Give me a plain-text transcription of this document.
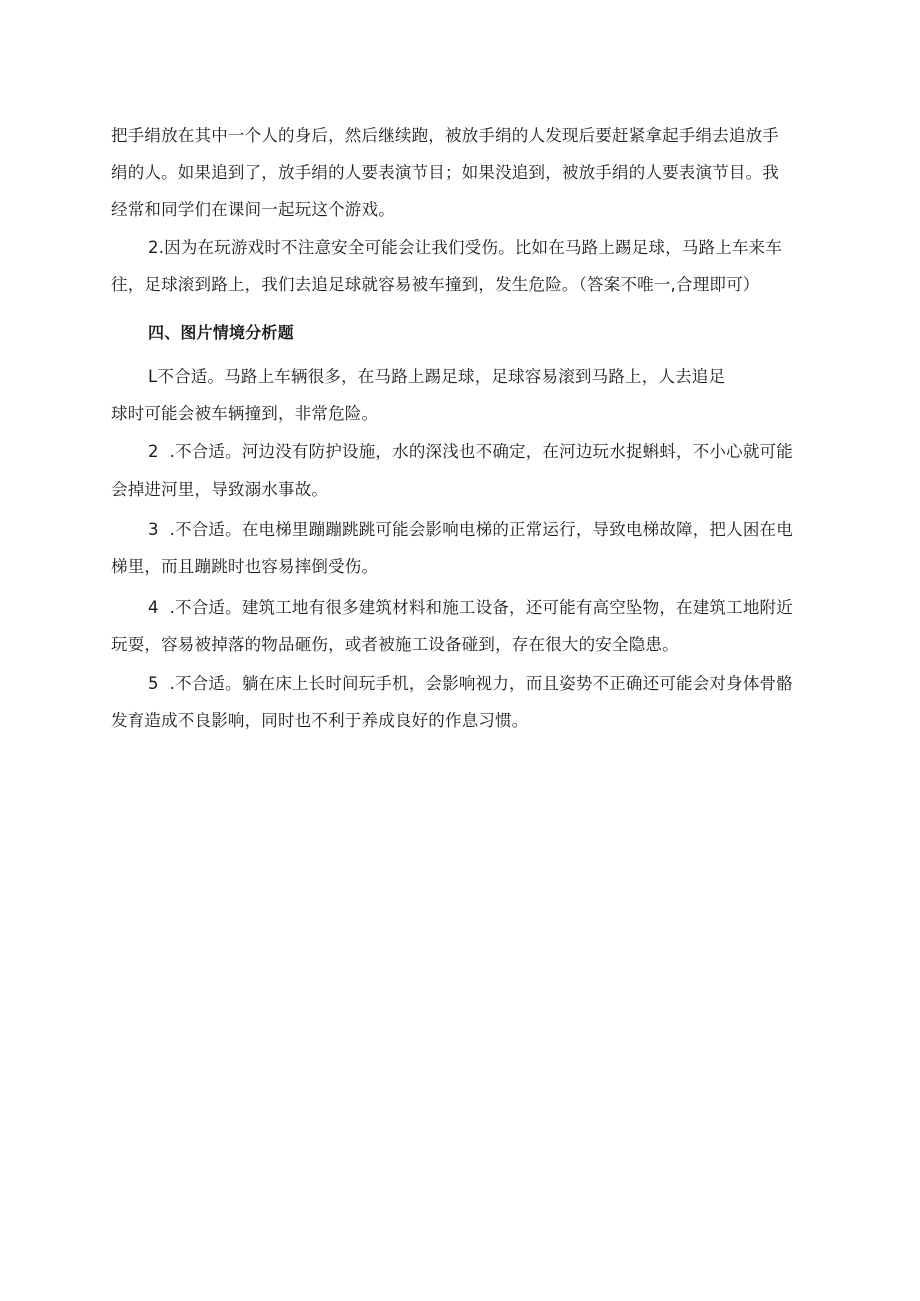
把手绢放在其中一个人的身后，然后继续跑，被放手绢的人发现后要赶紧拿起手绢去追放手
绢的人。如果追到了，放手绢的人要表演节目；如果没追到，被放手绢的人要表演节目。我
经常和同学们在课间一起玩这个游戏。
2.因为在玩游戏时不注意安全可能会让我们受伤。比如在马路上踢足球，马路上车来车
往，足球滚到路上，我们去追足球就容易被车撞到，发生危险。（答案不唯一,合理即可）
四、图片情境分析题
L不合适。马路上车辆很多，在马路上踢足球，足球容易滚到马路上，人去追足
球时可能会被车辆撞到，非常危险。
2  .不合适。河边没有防护设施，水的深浅也不确定，在河边玩水捉蝌蚪，不小心就可能
会掉进河里，导致溺水事故。
3  .不合适。在电梯里蹦蹦跳跳可能会影响电梯的正常运行，导致电梯故障，把人困在电
梯里，而且蹦跳时也容易摔倒受伤。
4  .不合适。建筑工地有很多建筑材料和施工设备，还可能有高空坠物，在建筑工地附近
玩耍，容易被掉落的物品砸伤，或者被施工设备碰到，存在很大的安全隐患。
5  .不合适。躺在床上长时间玩手机，会影响视力，而且姿势不正确还可能会对身体骨骼
发育造成不良影响，同时也不利于养成良好的作息习惯。
